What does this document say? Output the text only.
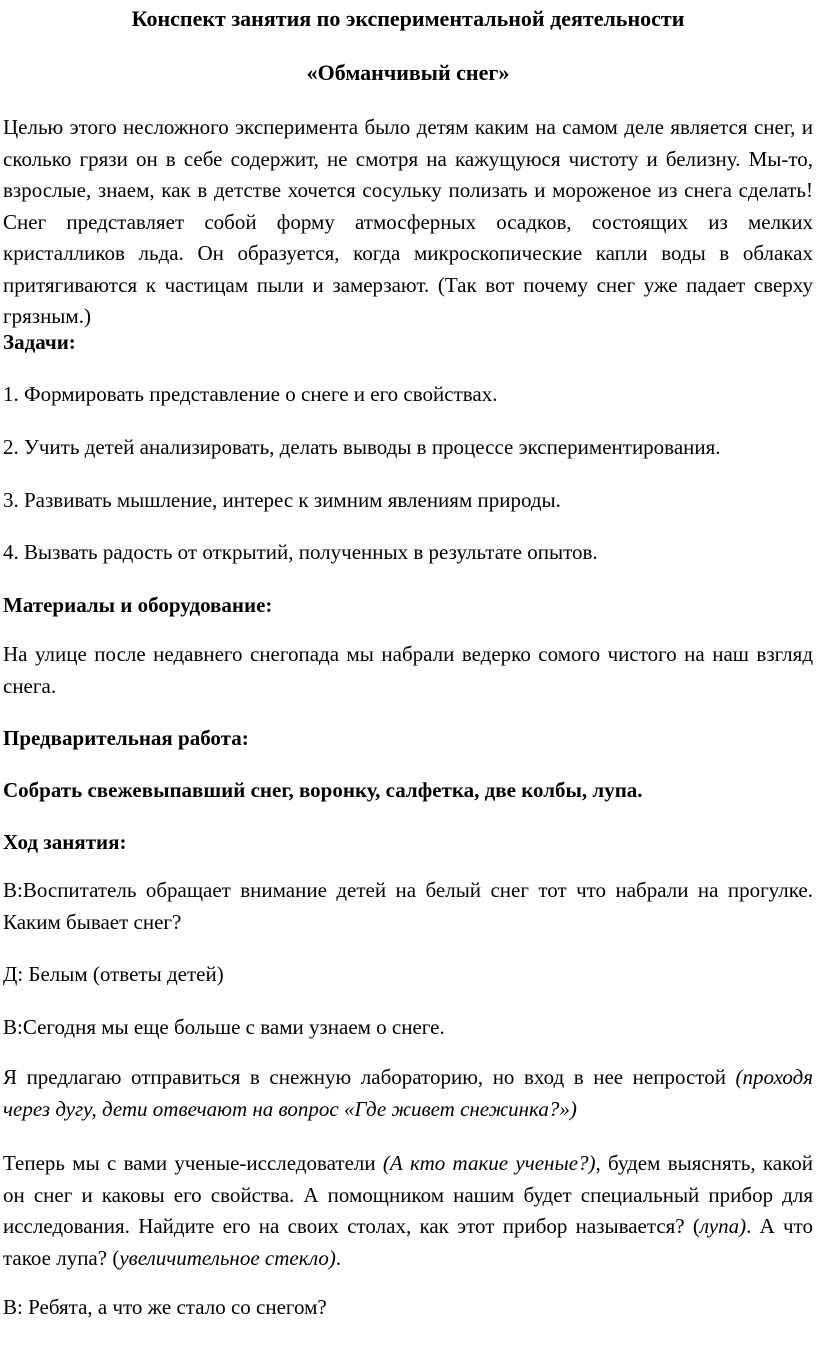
Конспект занятия по экспериментальной деятельности
«Обманчивый снег»
Целью этого несложного эксперимента было детям каким на самом деле является снег, и сколько грязи он в себе содержит, не смотря на кажущуюся чистоту и белизну. Мы-то, взрослые, знаем, как в детстве хочется сосульку полизать и мороженое из снега сделать! Снег представляет собой форму атмосферных осадков, состоящих из мелких кристалликов льда. Он образуется, когда микроскопические капли воды в облаках притягиваются к частицам пыли и замерзают. (Так вот почему снег уже падает сверху грязным.)
Задачи:
1. Формировать представление о снеге и его свойствах.
2. Учить детей анализировать, делать выводы в процессе экспериментирования.
3. Развивать мышление, интерес к зимним явлениям природы.
4. Вызвать радость от открытий, полученных в результате опытов.
Материалы и оборудование:
На улице после недавнего снегопада мы набрали ведерко сомого чистого на наш взгляд снега.
Предварительная работа:
Собрать свежевыпавший снег, воронку, салфетка, две колбы, лупа.
Ход занятия:
В:Воспитатель обращает внимание детей на белый снег тот что набрали на прогулке. Каким бывает снег?
Д: Белым (ответы детей)
В:Сегодня мы еще больше с вами узнаем о снеге.
Я предлагаю отправиться в снежную лабораторию, но вход в нее непростой (проходя через дугу, дети отвечают на вопрос «Где живет снежинка?»)
Теперь мы с вами ученые-исследователи (А кто такие ученые?), будем выяснять, какой он снег и каковы его свойства. А помощником нашим будет специальный прибор для исследования. Найдите его на своих столах, как этот прибор называется? (лупа). А что такое лупа? (увеличительное стекло).
В: Ребята, а что же стало со снегом?
